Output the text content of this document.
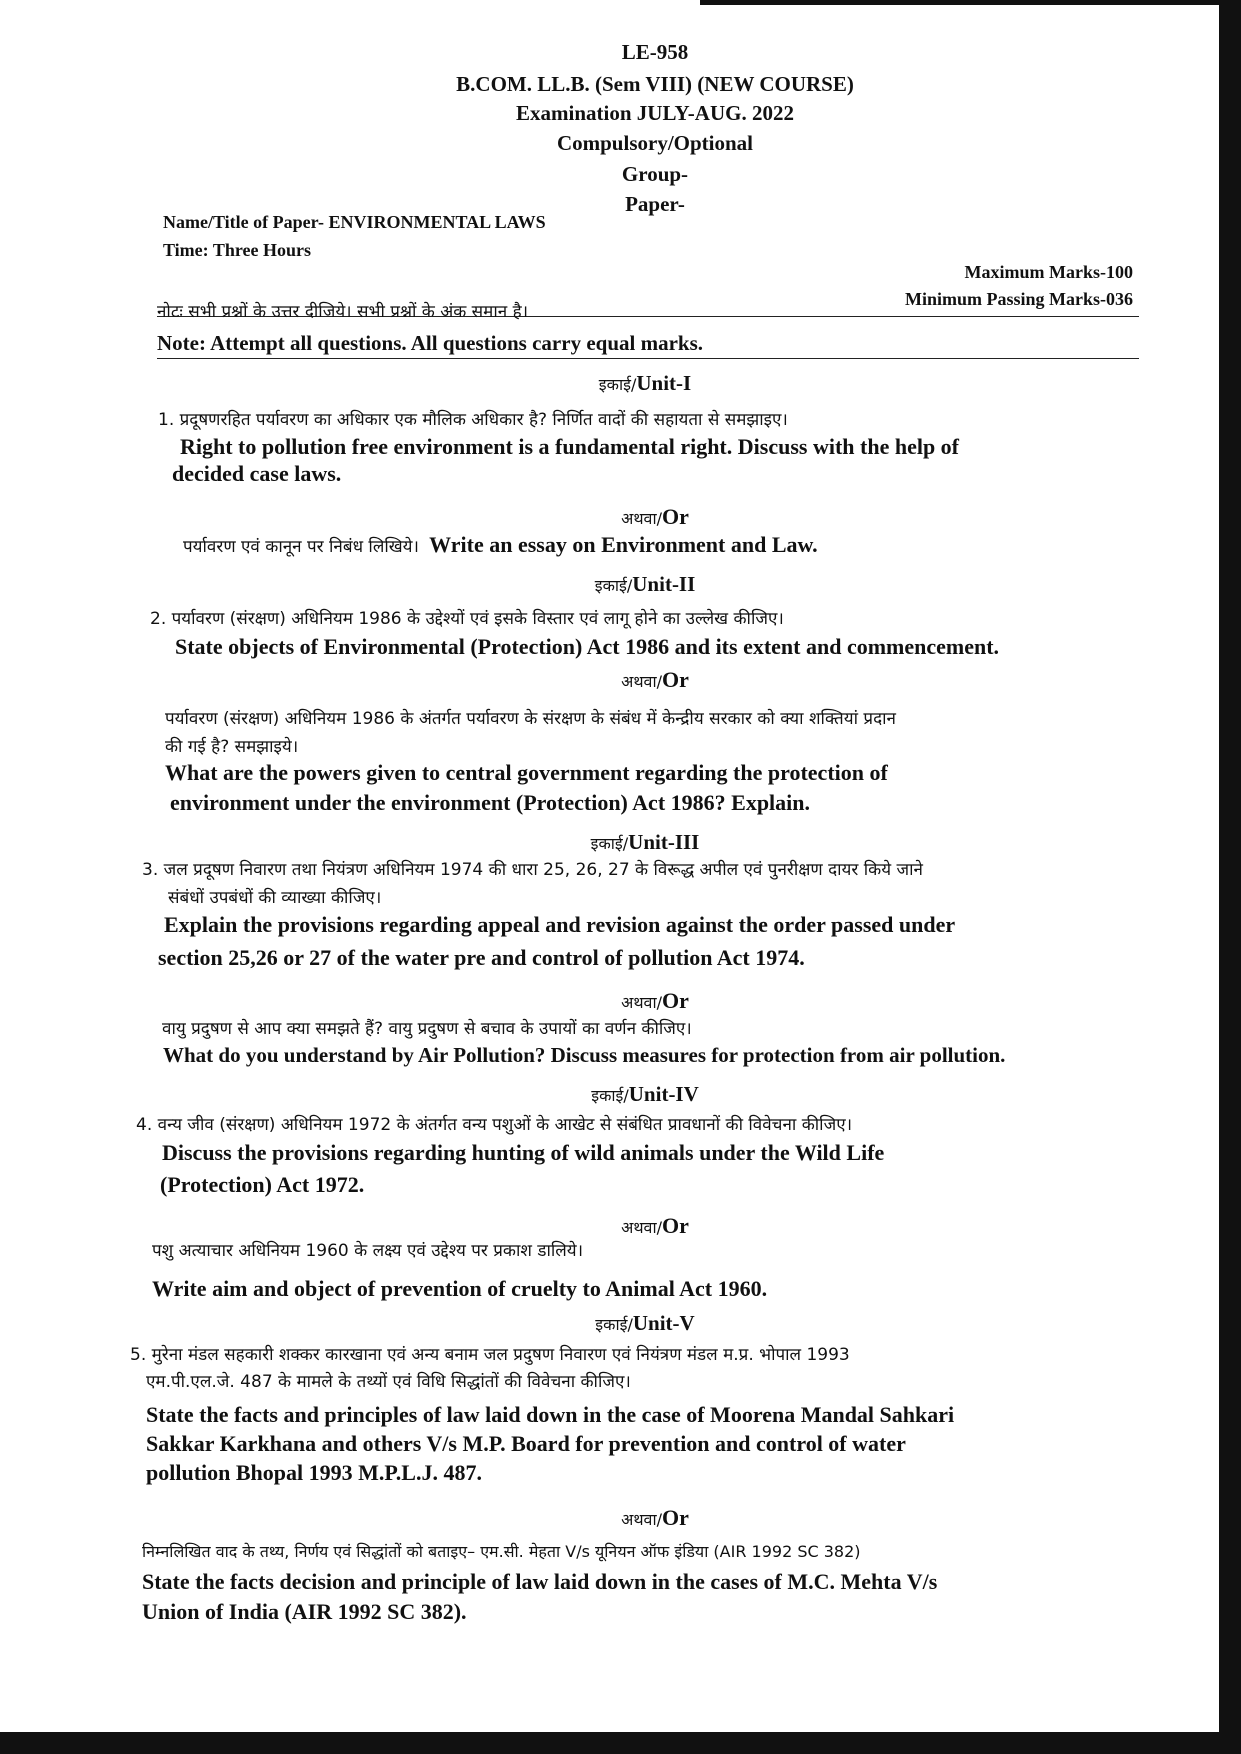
LE-958
B.COM. LL.B. (Sem VIII) (NEW COURSE)
Examination JULY-AUG. 2022
Compulsory/Optional
Group-
Paper-
Name/Title of Paper- ENVIRONMENTAL LAWS
Time: Three Hours
Maximum Marks-100
Minimum Passing Marks-036
नोटः सभी प्रश्नों के उत्तर दीजिये। सभी प्रश्नों के अंक समान है।
Note: Attempt all questions. All questions carry equal marks.
इकाई/Unit-I
1. प्रदूषणरहित पर्यावरण का अधिकार एक मौलिक अधिकार है? निर्णित वादों की सहायता से समझाइए।
Right to pollution free environment is a fundamental right. Discuss with the help of
decided case laws.
अथवा/Or
पर्यावरण एवं कानून पर निबंध लिखिये। Write an essay on Environment and Law.
इकाई/Unit-II
2. पर्यावरण (संरक्षण) अधिनियम 1986 के उद्देश्यों एवं इसके विस्तार एवं लागू होने का उल्लेख कीजिए।
State objects of Environmental (Protection) Act 1986 and its extent and commencement.
अथवा/Or
पर्यावरण (संरक्षण) अधिनियम 1986 के अंतर्गत पर्यावरण के संरक्षण के संबंध में केन्द्रीय सरकार को क्या शक्तियां प्रदान
की गई है? समझाइये।
What are the powers given to central government regarding the protection of
environment under the environment (Protection) Act 1986? Explain.
इकाई/Unit-III
3. जल प्रदूषण निवारण तथा नियंत्रण अधिनियम 1974 की धारा 25, 26, 27 के विरूद्ध अपील एवं पुनरीक्षण दायर किये जाने
संबंधों उपबंधों की व्याख्या कीजिए।
Explain the provisions regarding appeal and revision against the order passed under
section 25,26 or 27 of the water pre and control of pollution Act 1974.
अथवा/Or
वायु प्रदुषण से आप क्या समझते हैं? वायु प्रदुषण से बचाव के उपायों का वर्णन कीजिए।
What do you understand by Air Pollution? Discuss measures for protection from air pollution.
इकाई/Unit-IV
4. वन्य जीव (संरक्षण) अधिनियम 1972 के अंतर्गत वन्य पशुओं के आखेट से संबंधित प्रावधानों की विवेचना कीजिए।
Discuss the provisions regarding hunting of wild animals under the Wild Life
(Protection) Act 1972.
अथवा/Or
पशु अत्याचार अधिनियम 1960 के लक्ष्य एवं उद्देश्य पर प्रकाश डालिये।
Write aim and object of prevention of cruelty to Animal Act 1960.
इकाई/Unit-V
5. मुरेना मंडल सहकारी शक्कर कारखाना एवं अन्य बनाम जल प्रदुषण निवारण एवं नियंत्रण मंडल म.प्र. भोपाल 1993
एम.पी.एल.जे. 487 के मामले के तथ्यों एवं विधि सिद्धांतों की विवेचना कीजिए।
State the facts and principles of law laid down in the case of Moorena Mandal Sahkari
Sakkar Karkhana and others V/s M.P. Board for prevention and control of water
pollution Bhopal 1993 M.P.L.J. 487.
अथवा/Or
निम्नलिखित वाद के तथ्य, निर्णय एवं सिद्धांतों को बताइए– एम.सी. मेहता V/s यूनियन ऑफ इंडिया (AIR 1992 SC 382)
State the facts decision and principle of law laid down in the cases of M.C. Mehta V/s
Union of India (AIR 1992 SC 382).
